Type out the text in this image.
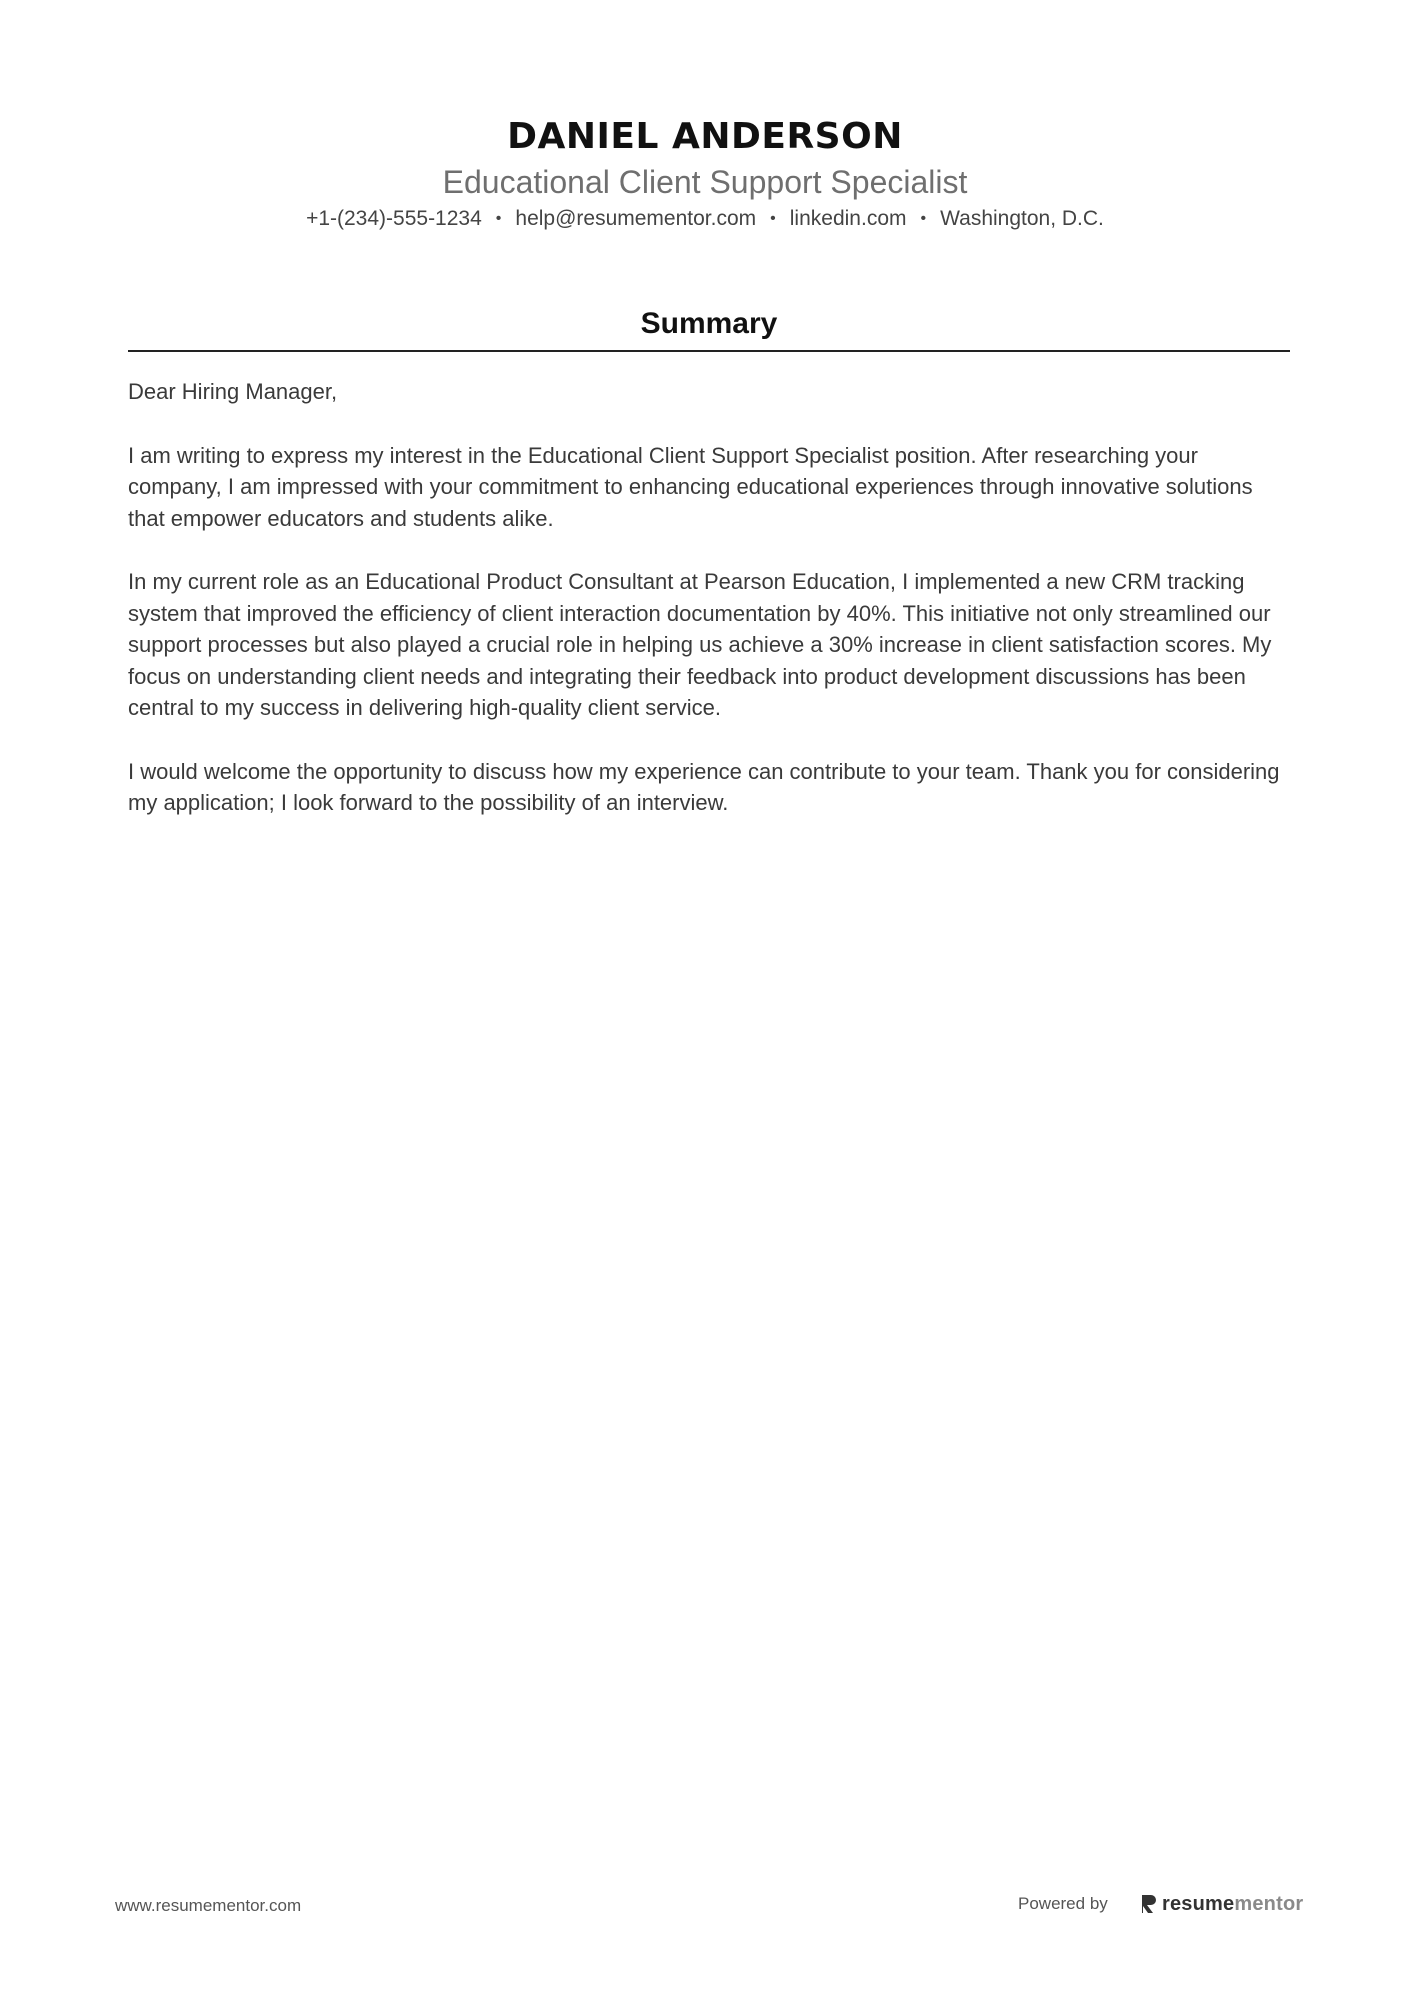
DANIEL ANDERSON
Educational Client Support Specialist
+1-(234)-555-1234 • help@resumementor.com • linkedin.com • Washington, D.C.
Summary

Dear Hiring Manager,

I am writing to express my interest in the Educational Client Support Specialist position. After researching your company, I am impressed with your commitment to enhancing educational experiences through innovative solutions that empower educators and students alike.

In my current role as an Educational Product Consultant at Pearson Education, I implemented a new CRM tracking system that improved the efficiency of client interaction documentation by 40%. This initiative not only streamlined our support processes but also played a crucial role in helping us achieve a 30% increase in client satisfaction scores. My focus on understanding client needs and integrating their feedback into product development discussions has been central to my success in delivering high-quality client service.

I would welcome the opportunity to discuss how my experience can contribute to your team. Thank you for considering my application; I look forward to the possibility of an interview.

www.resumementor.com	Powered by	resume mentor
